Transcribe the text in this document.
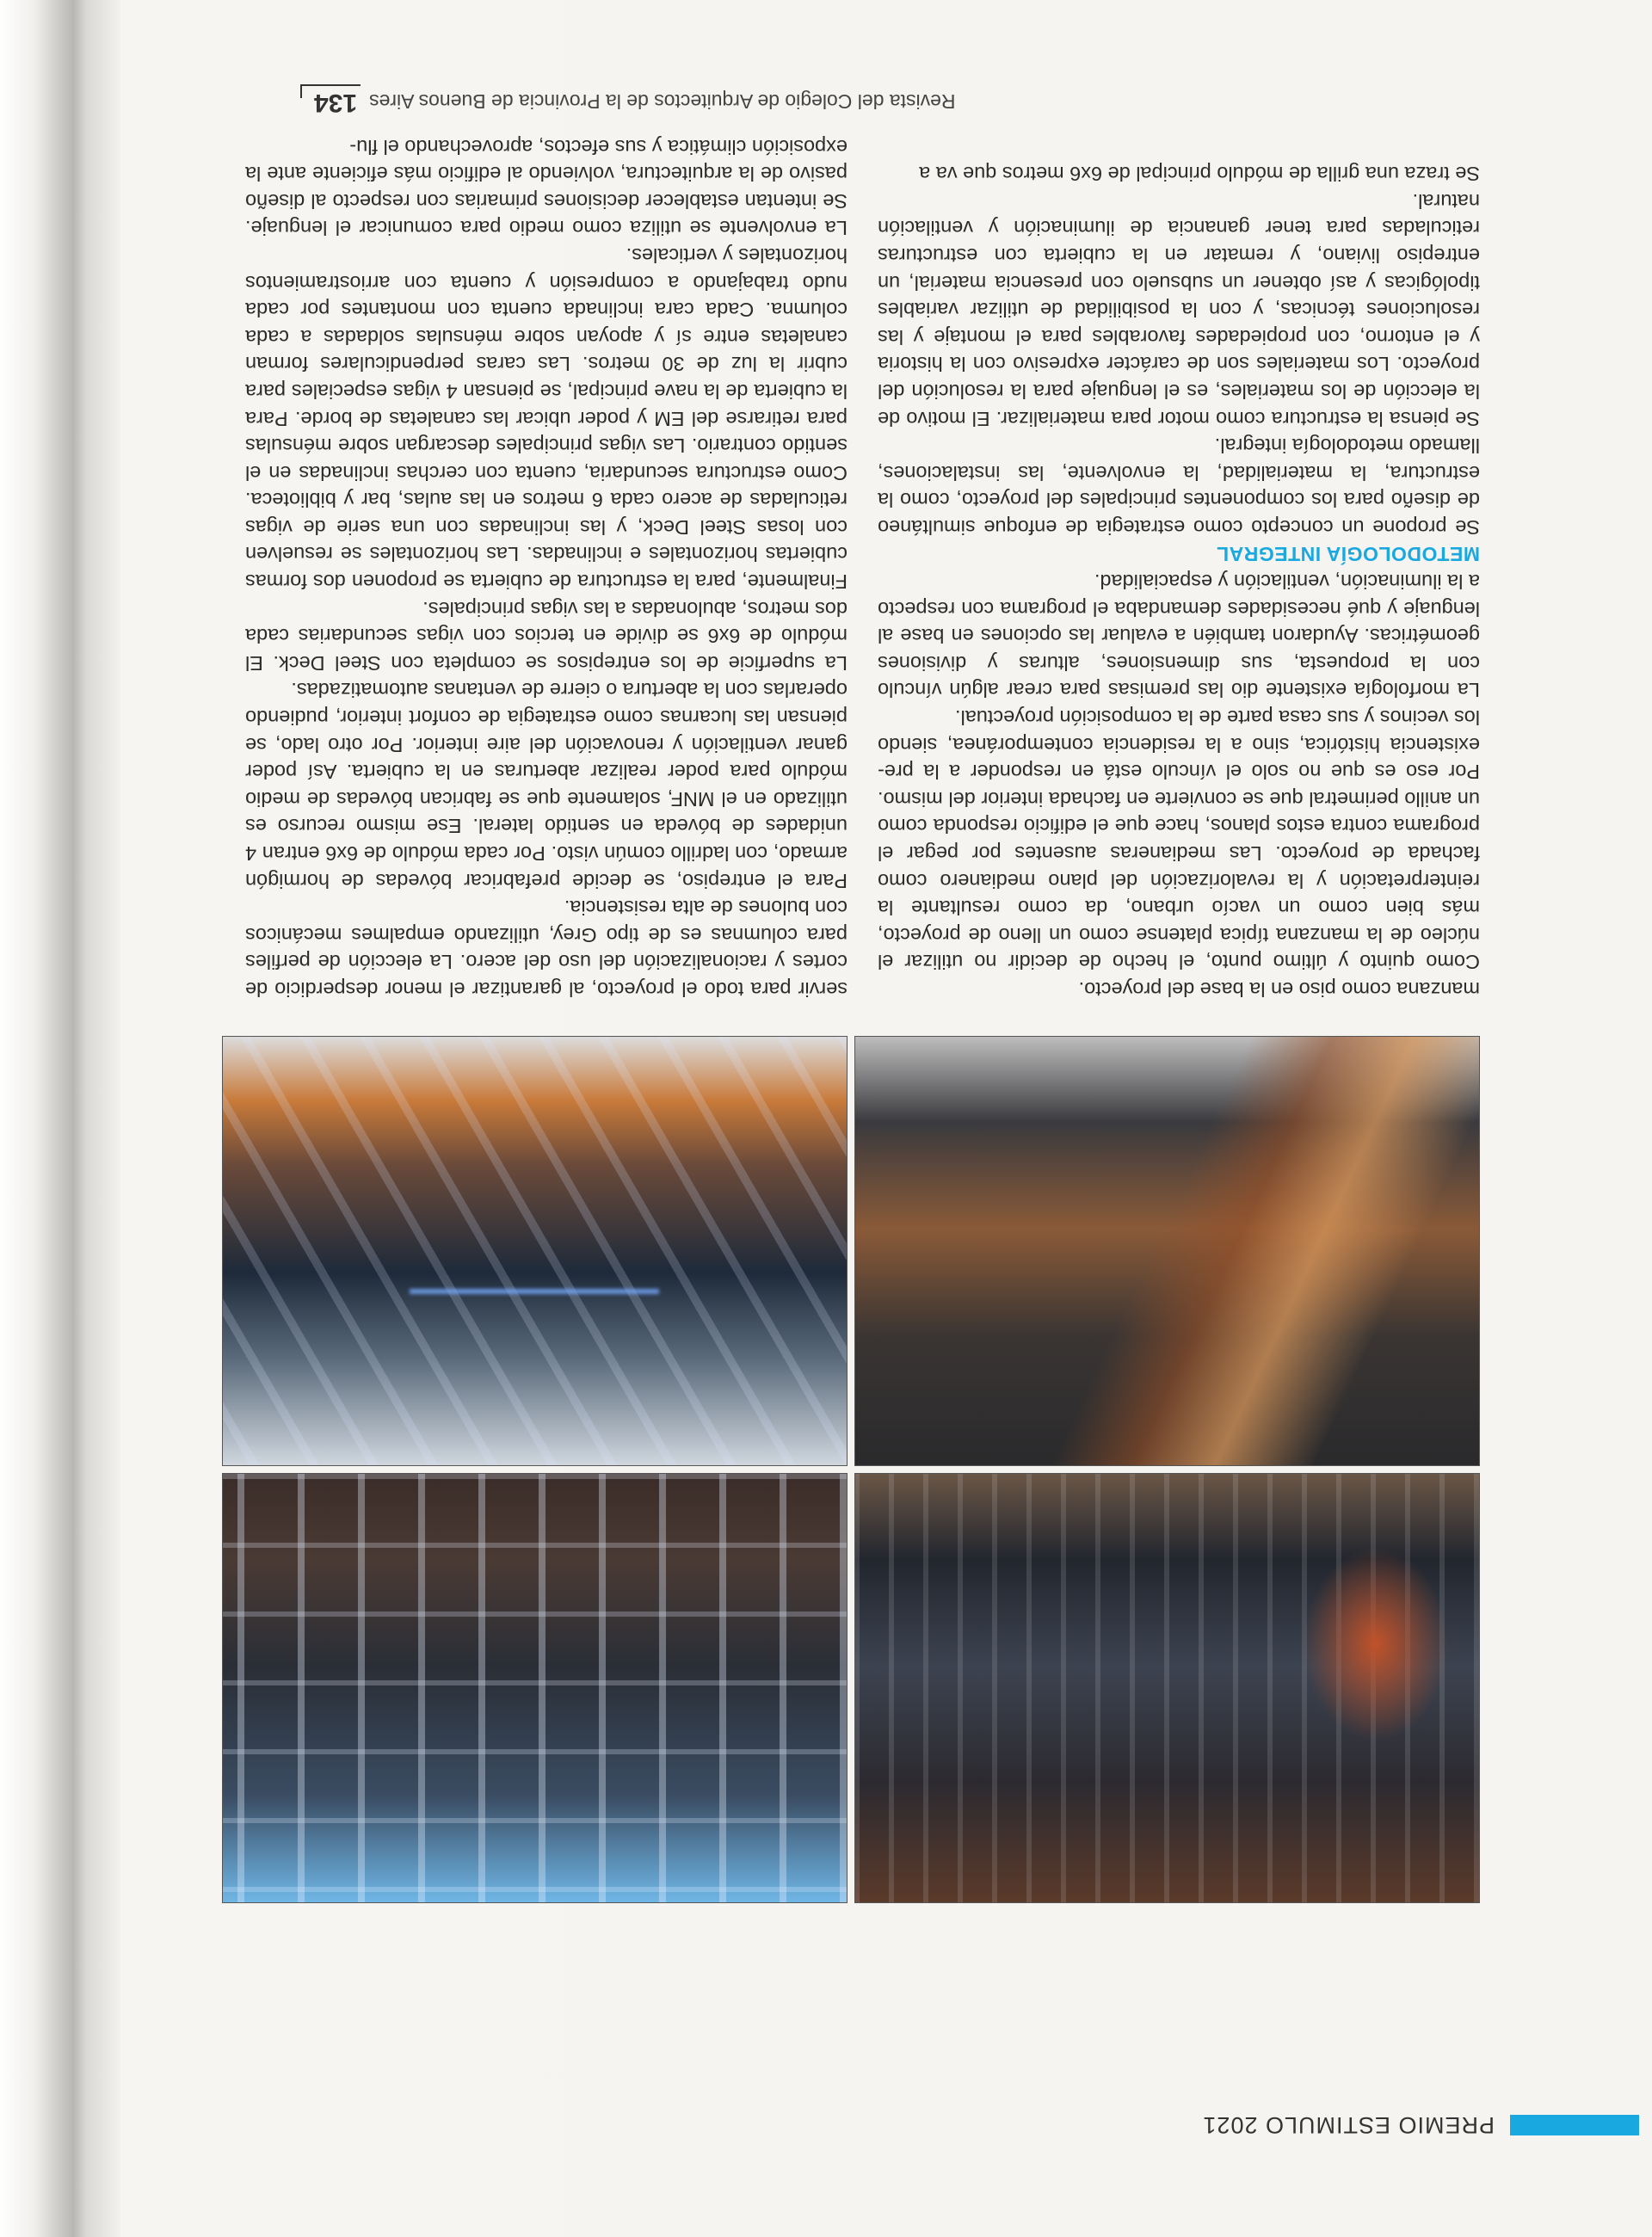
PREMIO ESTIMULO 2021

manzana como piso en la base del proyecto.

Como quinto y último punto, el hecho de decidir no utilizar el núcleo de la manzana típica platense como un lleno de proyecto, más bien como un vacío urbano, da como resultante la reinterpretación y la revalorización del plano medianero como fachada de proyecto. Las medianeras ausentes por pegar el programa contra estos planos, hace que el edificio responda como un anillo perimetral que se convierte en fachada interior del mismo. Por eso es que no solo el vínculo está en responder a la pre-existencia histórica, sino a la residencia contemporánea, siendo los vecinos y sus casa parte de la composición proyectual.

La morfología existente dio las premisas para crear algún vínculo con la propuesta, sus dimensiones, alturas y divisiones geométricas. Ayudaron también a evaluar las opciones en base al lenguaje y qué necesidades demandaba el programa con respecto a la iluminación, ventilación y espacialidad.

METODOLOGÍA INTEGRAL

Se propone un concepto como estrategia de enfoque simultáneo de diseño para los componentes principales del proyecto, como la estructura, la materialidad, la envolvente, las instalaciones, llamado metodología integral.

Se piensa la estructura como motor para materializar. El motivo de la elección de los materiales, es el lenguaje para la resolución del proyecto. Los materiales son de carácter expresivo con la historia y el entorno, con propiedades favorables para el montaje y las resoluciones técnicas, y con la posibilidad de utilizar variables tipológicas y así obtener un subsuelo con presencia material, un entrepiso liviano, y rematar en la cubierta con estructuras reticuladas para tener ganancia de iluminación y ventilación natural.

Se traza una grilla de módulo principal de 6x6 metros que va a

servir para todo el proyecto, al garantizar el menor desperdicio de cortes y racionalización del uso del acero. La elección de perfiles para columnas es de tipo Grey, utilizando empalmes mecánicos con bulones de alta resistencia.

Para el entrepiso, se decide prefabricar bóvedas de hormigón armado, con ladrillo común visto. Por cada módulo de 6x6 entran 4 unidades de bóveda en sentido lateral. Ese mismo recurso es utilizado en el MNF, solamente que se fabrican bóvedas de medio módulo para poder realizar aberturas en la cubierta. Así poder ganar ventilación y renovación del aire interior. Por otro lado, se piensan las lucarnas como estrategia de confort interior, pudiendo operarlas con la abertura o cierre de ventanas automatizadas.

La superficie de los entrepisos se completa con Steel Deck. El módulo de 6x6 se divide en tercios con vigas secundarias cada dos metros, abulonadas a las vigas principales.

Finalmente, para la estructura de cubierta se proponen dos formas cubiertas horizontales e inclinadas. Las horizontales se resuelven con losas Steel Deck, y las inclinadas con una serie de vigas reticuladas de acero cada 6 metros en las aulas, bar y biblioteca. Como estructura secundaria, cuenta con cerchas inclinadas en el sentido contrario. Las vigas principales descargan sobre ménsulas para retirarse del EM y poder ubicar las canaletas de borde. Para la cubierta de la nave principal, se piensan 4 vigas especiales para cubrir la luz de 30 metros. Las caras perpendiculares forman canaletas entre sí y apoyan sobre ménsulas soldadas a cada columna. Cada cara inclinada cuenta con montantes por cada nudo trabajando a compresión y cuenta con arriostramientos horizontales y verticales.

La envolvente se utiliza como medio para comunicar el lenguaje. Se intentan establecer decisiones primarias con respecto al diseño pasivo de la arquitectura, volviendo al edificio más eficiente ante la exposición climática y sus efectos, aprovechando el flu-

Revista del Colegio de Arquitectos de la Provincia de Buenos Aires
134
